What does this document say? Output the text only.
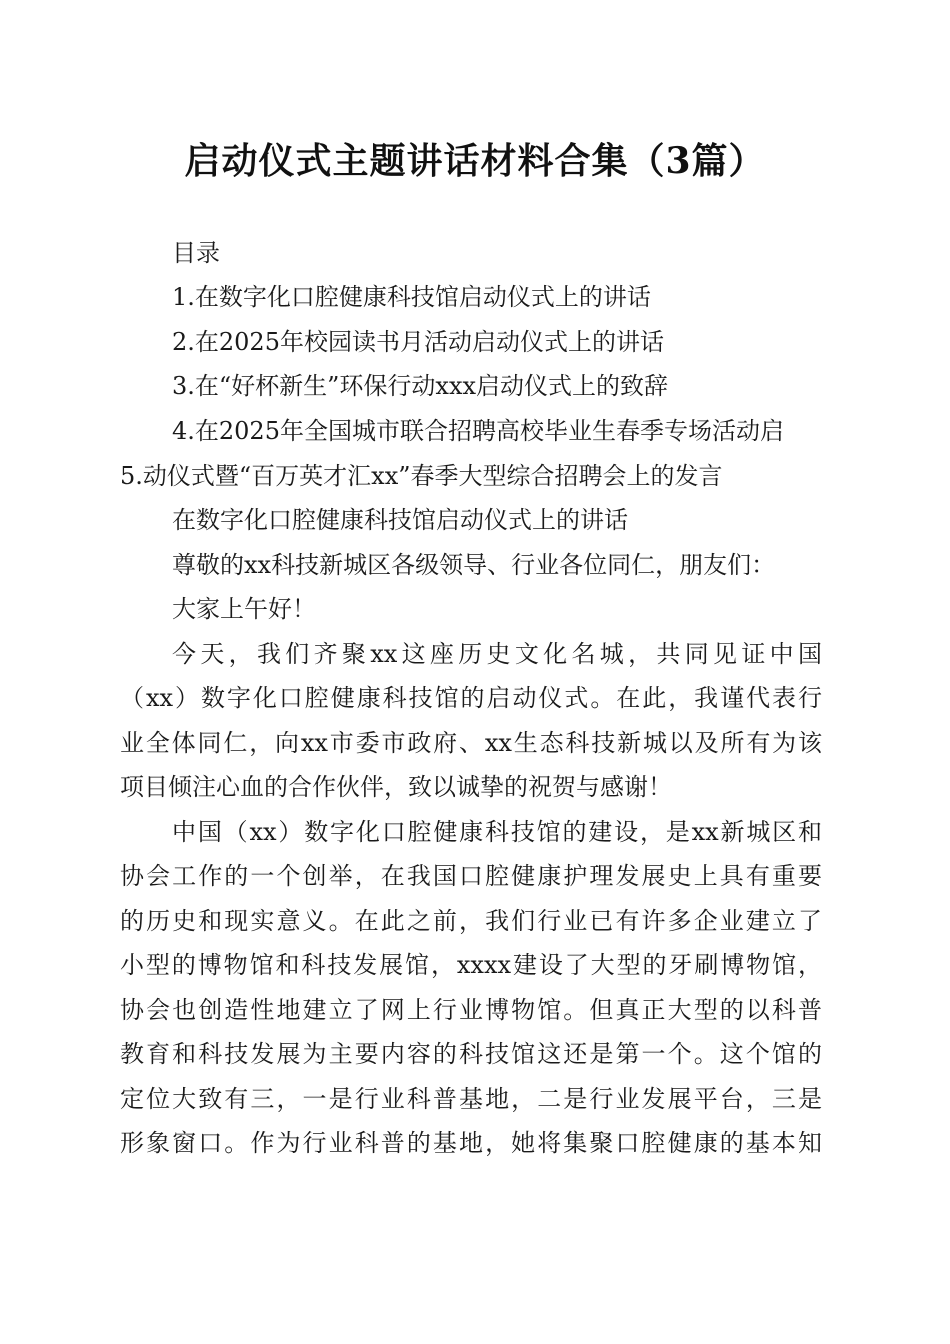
启动仪式主题讲话材料合集（3篇）
目录
1.在数字化口腔健康科技馆启动仪式上的讲话
2.在2025年校园读书月活动启动仪式上的讲话
3.在“好杯新生”环保行动xxx启动仪式上的致辞
4.在2025年全国城市联合招聘高校毕业生春季专场活动启
5.动仪式暨“百万英才汇xx”春季大型综合招聘会上的发言
在数字化口腔健康科技馆启动仪式上的讲话
尊敬的xx科技新城区各级领导、行业各位同仁，朋友们：
大家上午好！
今天，我们齐聚xx这座历史文化名城，共同见证中国
（xx）数字化口腔健康科技馆的启动仪式。在此，我谨代表行
业全体同仁，向xx市委市政府、xx生态科技新城以及所有为该
项目倾注心血的合作伙伴，致以诚挚的祝贺与感谢！
中国（xx）数字化口腔健康科技馆的建设，是xx新城区和
协会工作的一个创举，在我国口腔健康护理发展史上具有重要
的历史和现实意义。在此之前，我们行业已有许多企业建立了
小型的博物馆和科技发展馆，xxxx建设了大型的牙刷博物馆，
协会也创造性地建立了网上行业博物馆。但真正大型的以科普
教育和科技发展为主要内容的科技馆这还是第一个。这个馆的
定位大致有三，一是行业科普基地，二是行业发展平台，三是
形象窗口。作为行业科普的基地，她将集聚口腔健康的基本知
